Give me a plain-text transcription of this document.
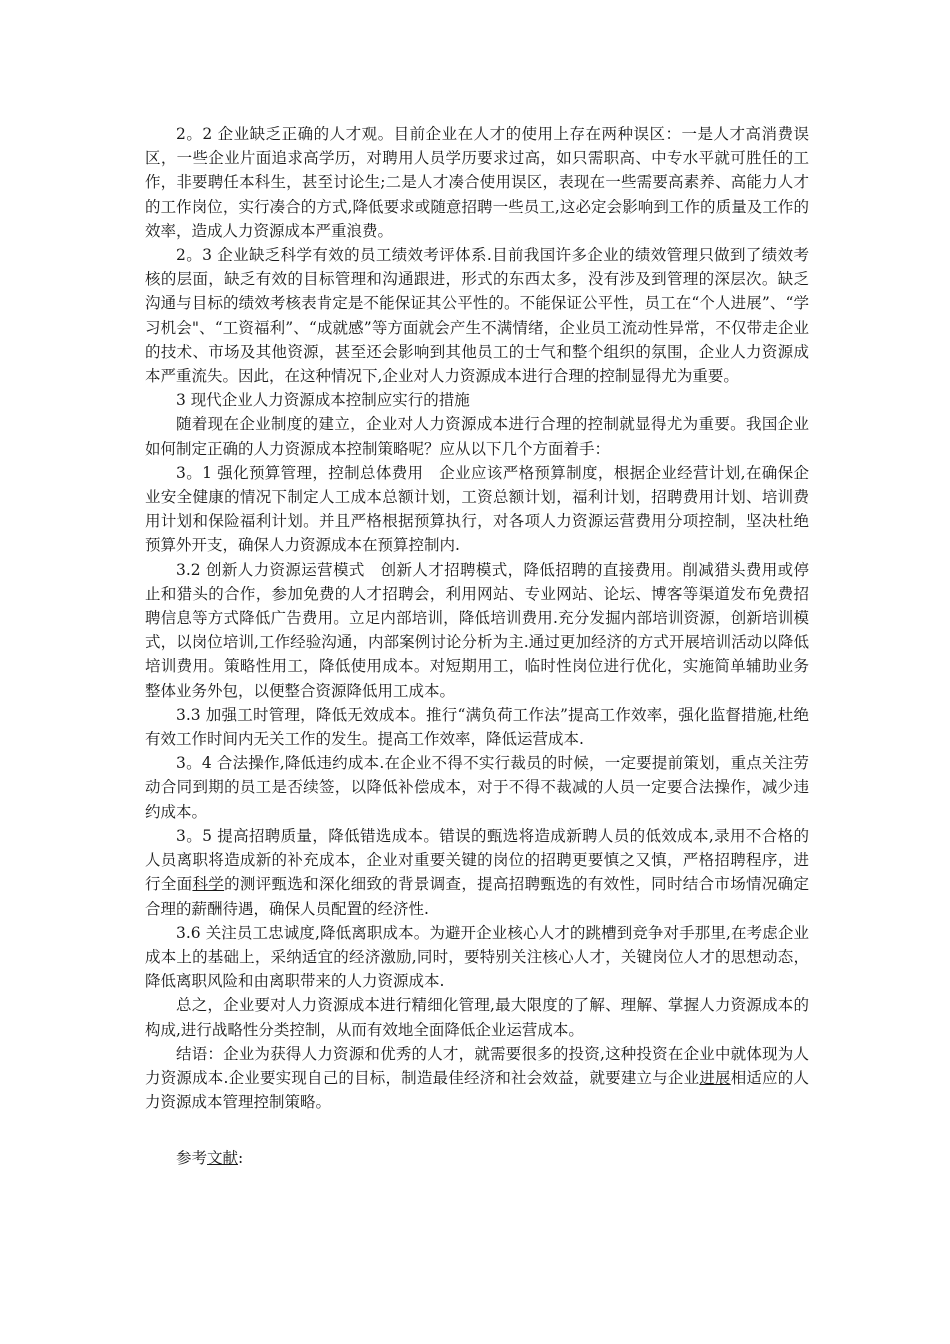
2。2 企业缺乏正确的人才观。目前企业在人才的使用上存在两种误区：一是人才高消费误区，一些企业片面追求高学历，对聘用人员学历要求过高，如只需职高、中专水平就可胜任的工作，非要聘任本科生，甚至讨论生;二是人才凑合使用误区，表现在一些需要高素养、高能力人才的工作岗位，实行凑合的方式,降低要求或随意招聘一些员工,这必定会影响到工作的质量及工作的效率，造成人力资源成本严重浪费。

2。3 企业缺乏科学有效的员工绩效考评体系.目前我国许多企业的绩效管理只做到了绩效考核的层面，缺乏有效的目标管理和沟通跟进，形式的东西太多，没有涉及到管理的深层次。缺乏沟通与目标的绩效考核表肯定是不能保证其公平性的。不能保证公平性，员工在“个人进展”、“学习机会"、“工资福利”、“成就感”等方面就会产生不满情绪，企业员工流动性异常，不仅带走企业的技术、市场及其他资源，甚至还会影响到其他员工的士气和整个组织的氛围，企业人力资源成本严重流失。因此，在这种情况下,企业对人力资源成本进行合理的控制显得尤为重要。

3 现代企业人力资源成本控制应实行的措施

随着现在企业制度的建立，企业对人力资源成本进行合理的控制就显得尤为重要。我国企业如何制定正确的人力资源成本控制策略呢？应从以下几个方面着手：

3。1 强化预算管理，控制总体费用　企业应该严格预算制度，根据企业经营计划,在确保企业安全健康的情况下制定人工成本总额计划，工资总额计划，福利计划，招聘费用计划、培训费用计划和保险福利计划。并且严格根据预算执行，对各项人力资源运营费用分项控制，坚决杜绝预算外开支，确保人力资源成本在预算控制内.

3.2 创新人力资源运营模式　创新人才招聘模式，降低招聘的直接费用。削减猎头费用或停止和猎头的合作，参加免费的人才招聘会，利用网站、专业网站、论坛、博客等渠道发布免费招聘信息等方式降低广告费用。立足内部培训，降低培训费用.充分发掘内部培训资源，创新培训模式，以岗位培训,工作经验沟通，内部案例讨论分析为主.通过更加经济的方式开展培训活动以降低培训费用。策略性用工，降低使用成本。对短期用工，临时性岗位进行优化，实施简单辅助业务整体业务外包，以便整合资源降低用工成本。

3.3 加强工时管理，降低无效成本。推行“满负荷工作法”提高工作效率，强化监督措施,杜绝有效工作时间内无关工作的发生。提高工作效率，降低运营成本.

3。4 合法操作,降低违约成本.在企业不得不实行裁员的时候，一定要提前策划，重点关注劳动合同到期的员工是否续签，以降低补偿成本，对于不得不裁减的人员一定要合法操作，减少违约成本。

3。5 提高招聘质量，降低错选成本。错误的甄选将造成新聘人员的低效成本,录用不合格的人员离职将造成新的补充成本，企业对重要关键的岗位的招聘更要慎之又慎，严格招聘程序，进行全面科学的测评甄选和深化细致的背景调查，提高招聘甄选的有效性，同时结合市场情况确定合理的薪酬待遇，确保人员配置的经济性.

3.6 关注员工忠诚度,降低离职成本。为避开企业核心人才的跳槽到竞争对手那里,在考虑企业成本上的基础上，采纳适宜的经济激励,同时，要特别关注核心人才，关键岗位人才的思想动态，降低离职风险和由离职带来的人力资源成本.

总之，企业要对人力资源成本进行精细化管理,最大限度的了解、理解、掌握人力资源成本的构成,进行战略性分类控制，从而有效地全面降低企业运营成本。

结语：企业为获得人力资源和优秀的人才，就需要很多的投资,这种投资在企业中就体现为人力资源成本.企业要实现自己的目标，制造最佳经济和社会效益，就要建立与企业进展相适应的人力资源成本管理控制策略。

参考文献:
